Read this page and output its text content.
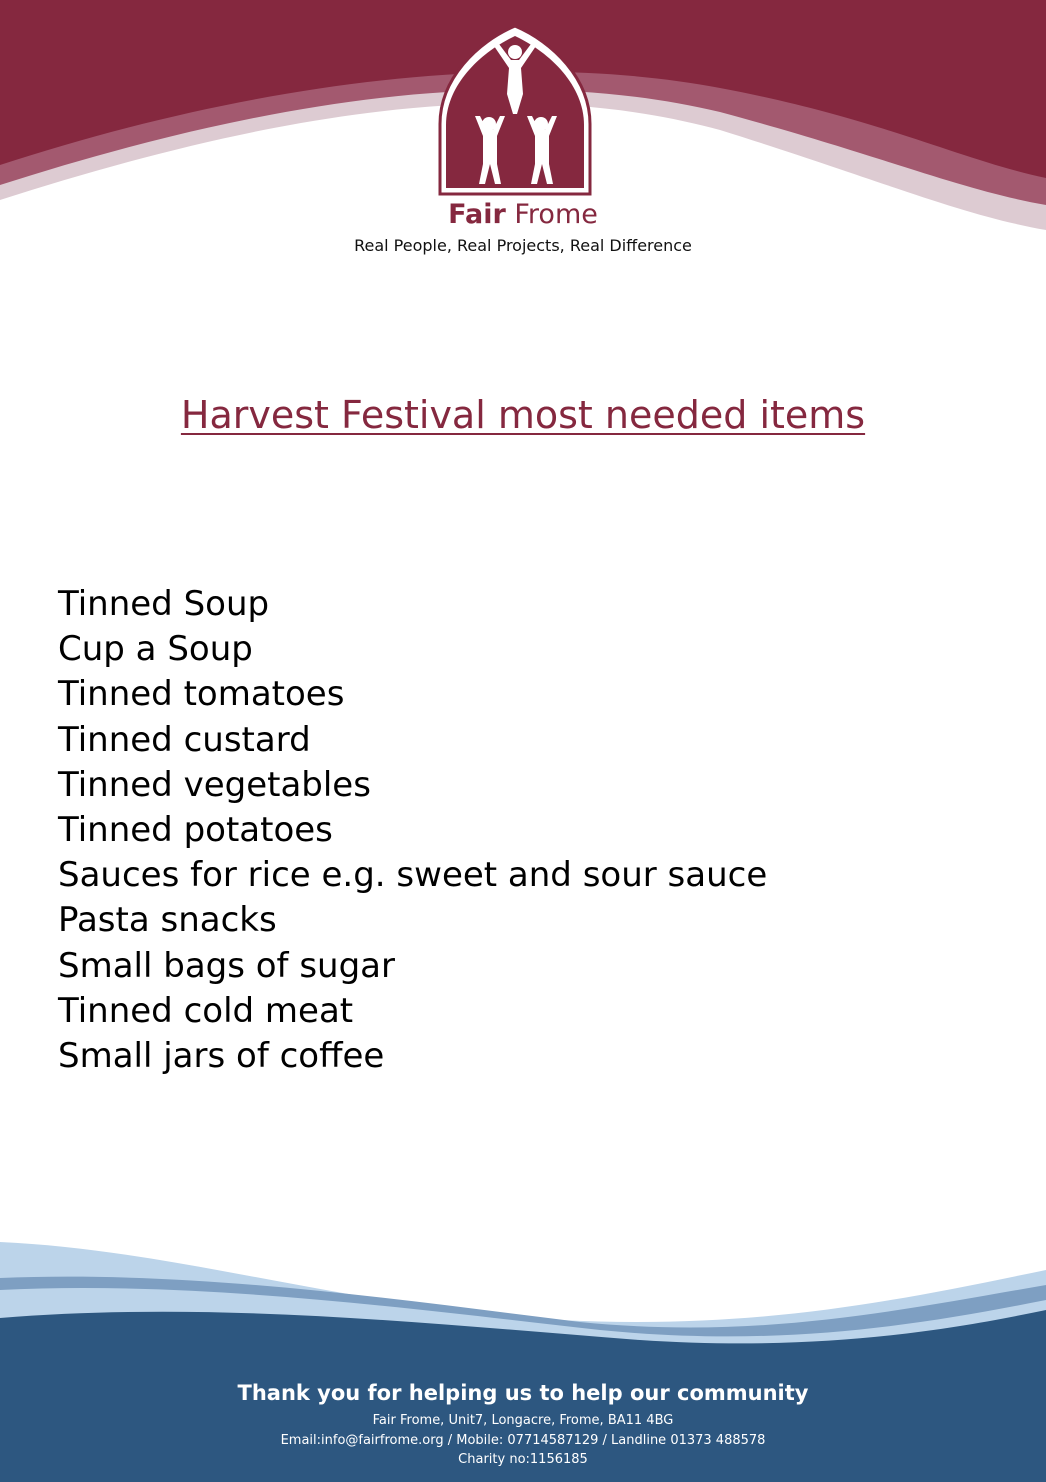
Fair Frome
Real People, Real Projects, Real Difference
Harvest Festival most needed items
Tinned Soup
Cup a Soup
Tinned tomatoes
Tinned custard
Tinned vegetables
Tinned potatoes
Sauces for rice e.g. sweet and sour sauce
Pasta snacks
Small bags of sugar
Tinned cold meat
Small jars of coffee
Thank you for helping us to help our community
Fair Frome, Unit7, Longacre, Frome, BA11 4BG
Email:info@fairfrome.org / Mobile: 07714587129 / Landline 01373 488578
Charity no:1156185
